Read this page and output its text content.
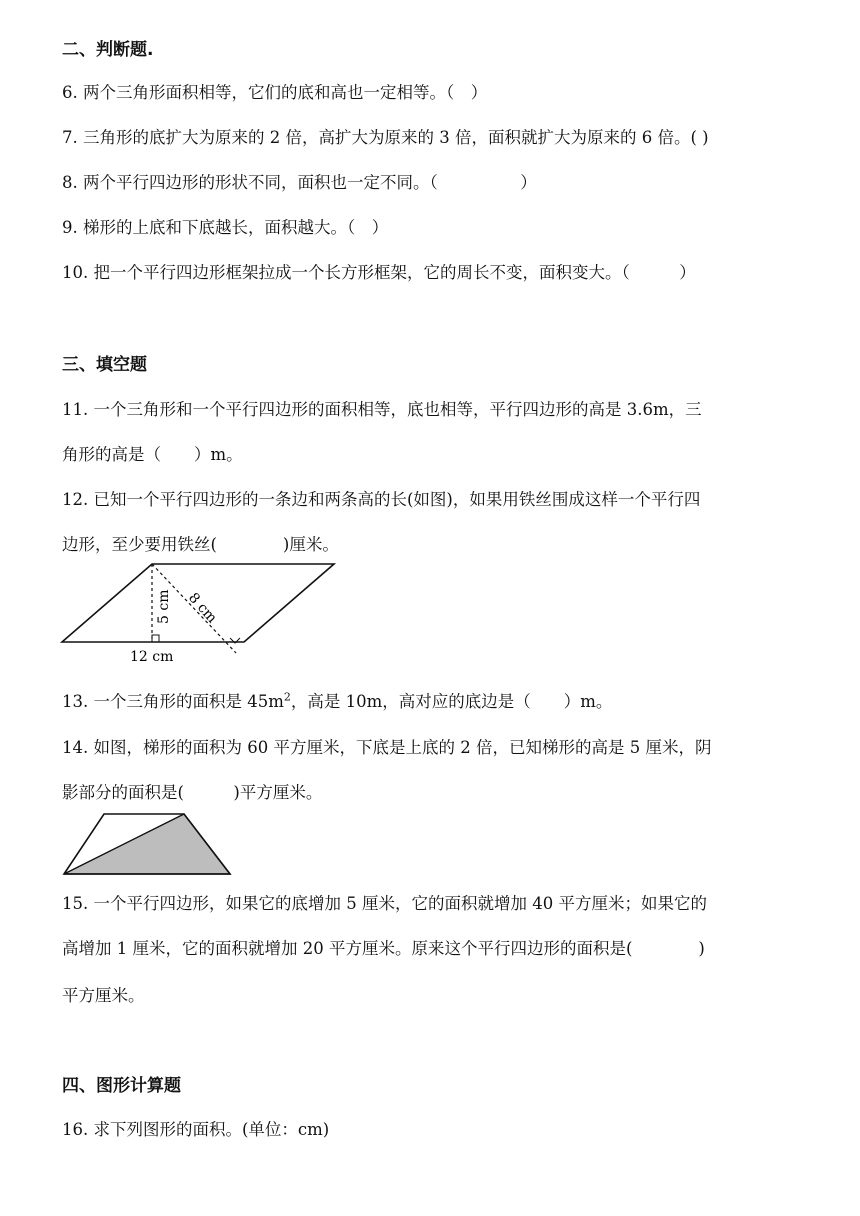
二、判断题.
6. 两个三角形面积相等，它们的底和高也一定相等。（　）
7. 三角形的底扩大为原来的 2 倍，高扩大为原来的 3 倍，面积就扩大为原来的 6 倍。( )
8. 两个平行四边形的形状不同，面积也一定不同。（　　　　　）
9. 梯形的上底和下底越长，面积越大。（　）
10. 把一个平行四边形框架拉成一个长方形框架，它的周长不变，面积变大。（　　　）
三、填空题
11. 一个三角形和一个平行四边形的面积相等，底也相等，平行四边形的高是 3.6m，三
角形的高是（　　）m。
12. 已知一个平行四边形的一条边和两条高的长(如图)，如果用铁丝围成这样一个平行四
边形，至少要用铁丝(　　　　)厘米。
5 cm 8 cm
12 cm
13. 一个三角形的面积是 $45m^2$，高是 10m，高对应的底边是（　　）m。
14. 如图，梯形的面积为 60 平方厘米，下底是上底的 2 倍，已知梯形的高是 5 厘米，阴
影部分的面积是(　　　)平方厘米。
15. 一个平行四边形，如果它的底增加 5 厘米，它的面积就增加 40 平方厘米；如果它的
高增加 1 厘米，它的面积就增加 20 平方厘米。原来这个平行四边形的面积是(　　　　)
平方厘米。
四、图形计算题
16. 求下列图形的面积。(单位：cm)
